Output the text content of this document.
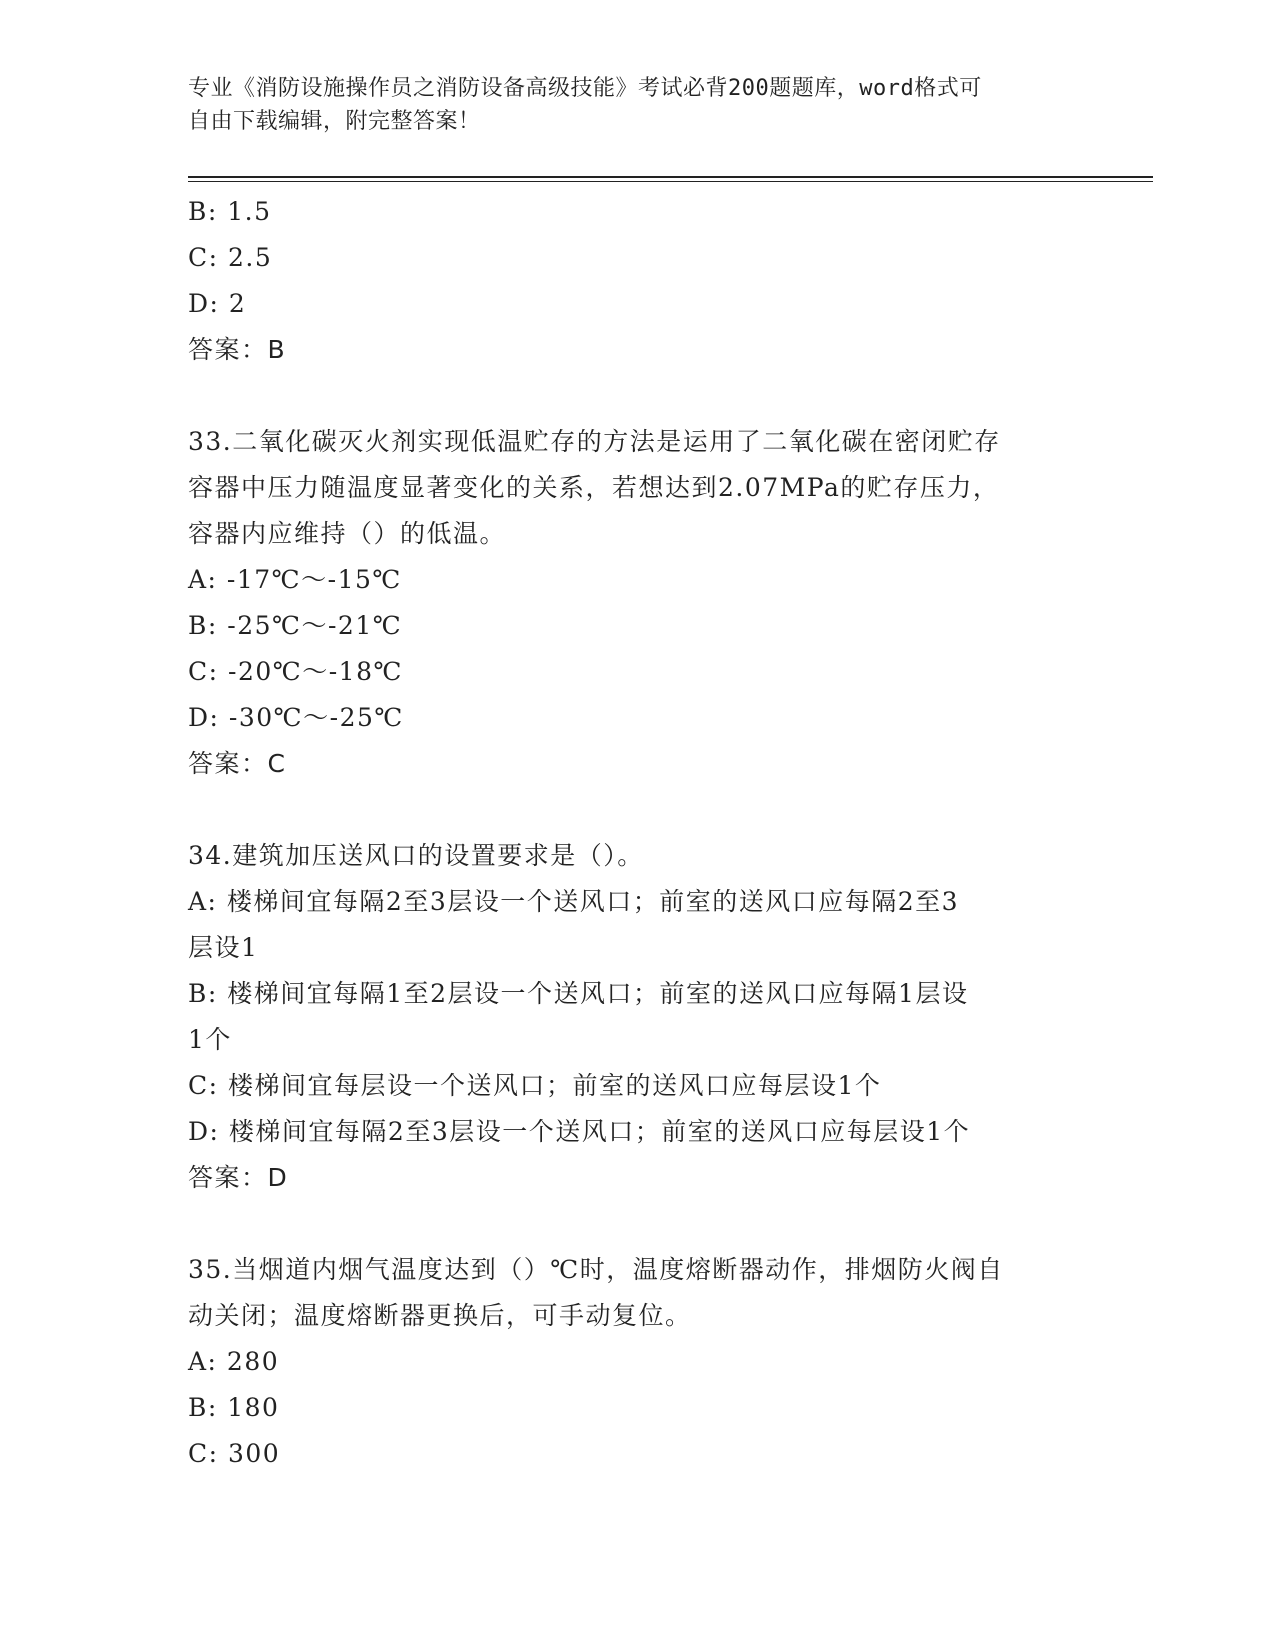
专业《消防设施操作员之消防设备高级技能》考试必背200题题库，word格式可
自由下载编辑，附完整答案！
B: 1.5
C: 2.5
D: 2
答案：B
33.二氧化碳灭火剂实现低温贮存的方法是运用了二氧化碳在密闭贮存
容器中压力随温度显著变化的关系，若想达到2.07MPa的贮存压力，
容器内应维持（）的低温。
A: -17℃～-15℃
B: -25℃～-21℃
C: -20℃～-18℃
D: -30℃～-25℃
答案：C
34.建筑加压送风口的设置要求是（）。
A: 楼梯间宜每隔2至3层设一个送风口；前室的送风口应每隔2至3
层设1
B: 楼梯间宜每隔1至2层设一个送风口；前室的送风口应每隔1层设
1个
C: 楼梯间宜每层设一个送风口；前室的送风口应每层设1个
D: 楼梯间宜每隔2至3层设一个送风口；前室的送风口应每层设1个
答案：D
35.当烟道内烟气温度达到（）℃时，温度熔断器动作，排烟防火阀自
动关闭；温度熔断器更换后，可手动复位。
A: 280
B: 180
C: 300
